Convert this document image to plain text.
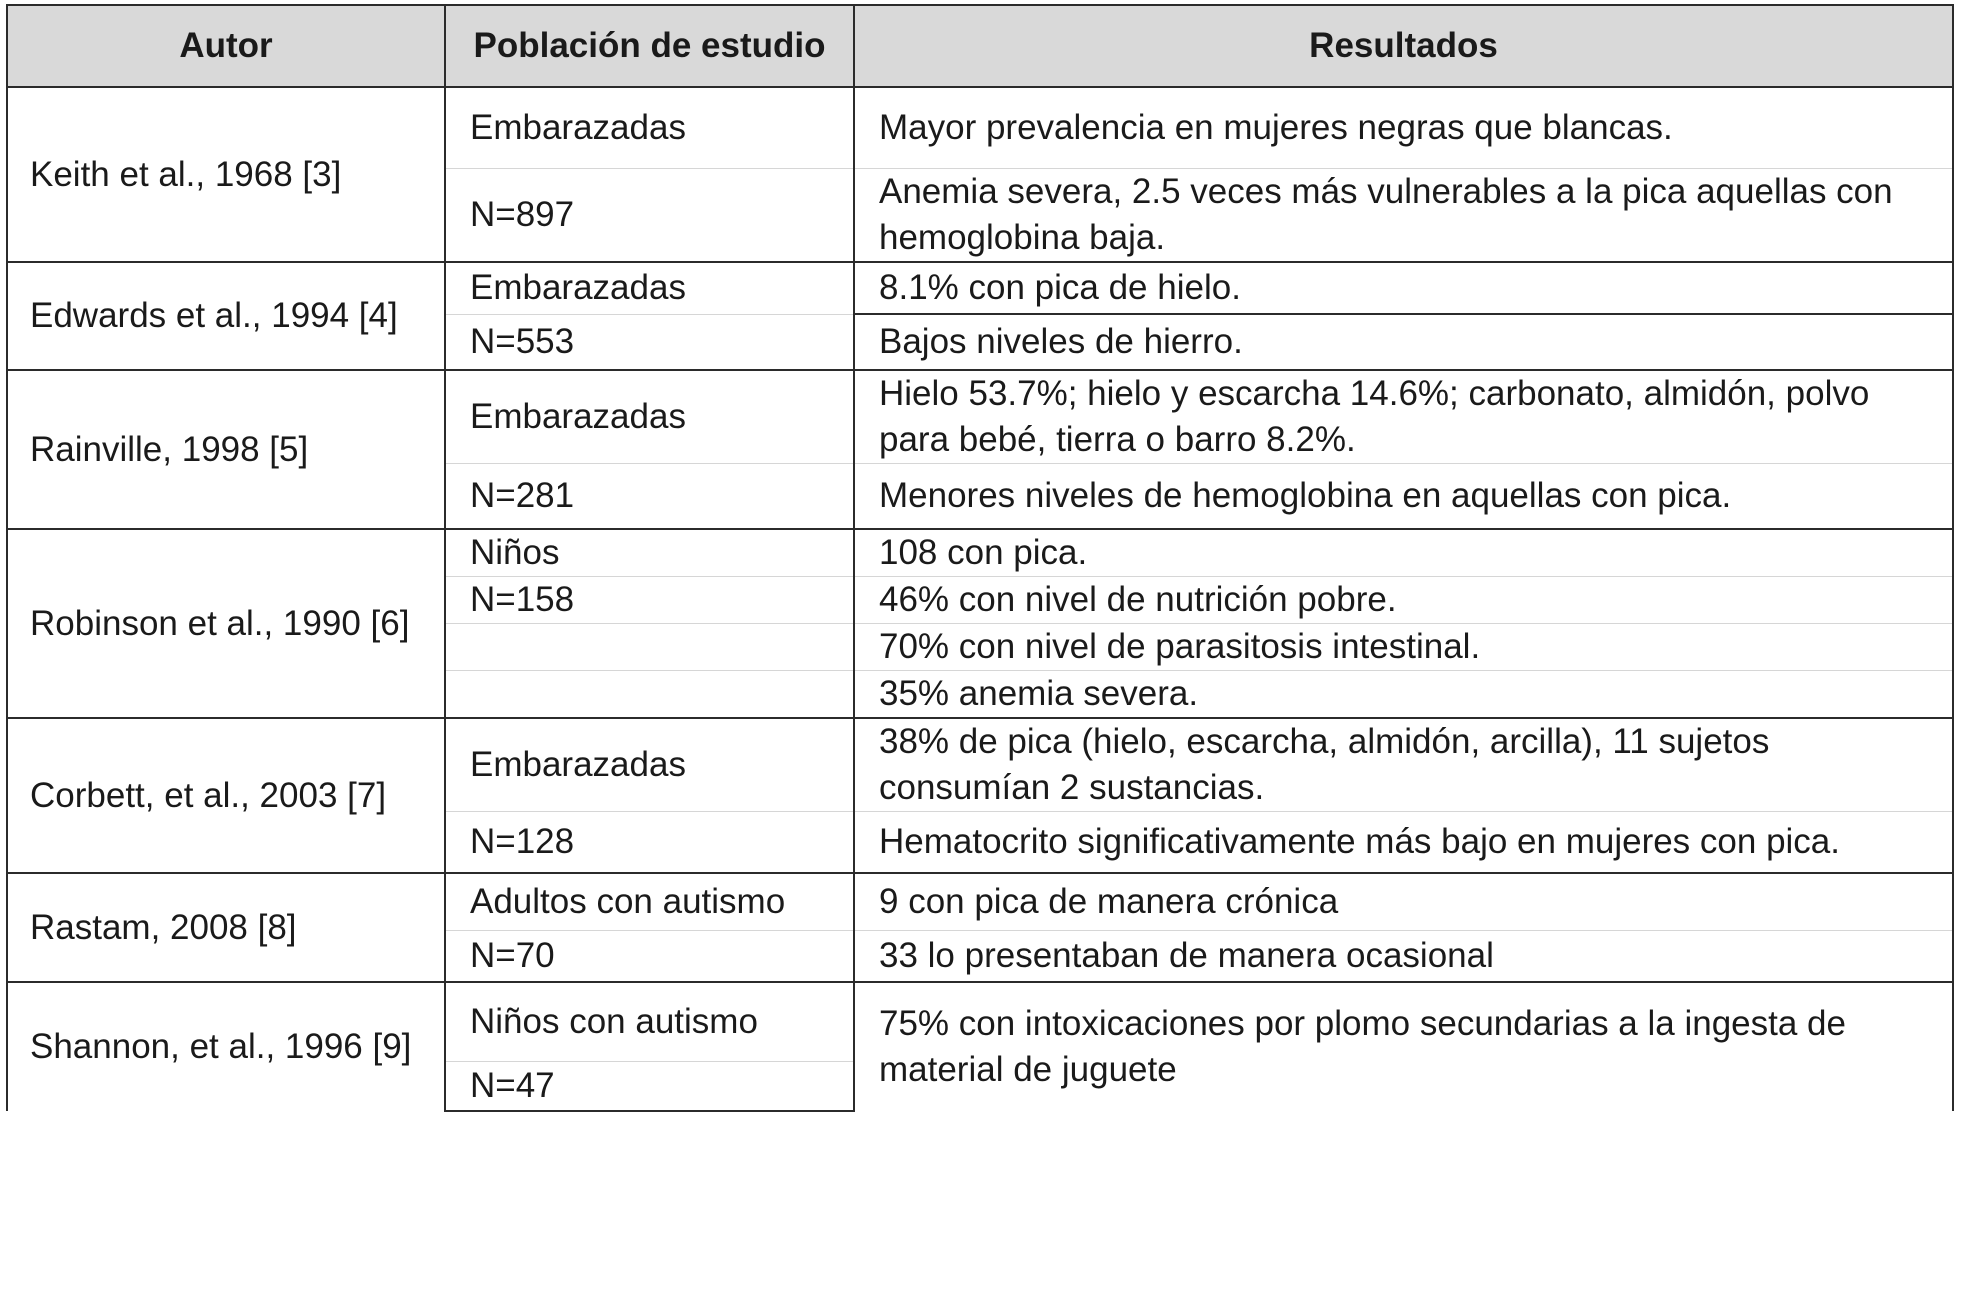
Autor	Población de estudio	Resultados
Keith et al., 1968 [3]	Embarazadas	Mayor prevalencia en mujeres negras que blancas.
	N=897	Anemia severa, 2.5 veces más vulnerables a la pica aquellas con hemoglobina baja.
Edwards et al., 1994 [4]	Embarazadas	8.1% con pica de hielo.
	N=553	Bajos niveles de hierro.
Rainville, 1998 [5]	Embarazadas	Hielo 53.7%; hielo y escarcha 14.6%; carbonato, almidón, polvo para bebé, tierra o barro 8.2%.
	N=281	Menores niveles de hemoglobina en aquellas con pica.
Robinson et al., 1990 [6]	Niños	108 con pica.
	N=158	46% con nivel de nutrición pobre.
		70% con nivel de parasitosis intestinal.
		35% anemia severa.
Corbett, et al., 2003 [7]	Embarazadas	38% de pica (hielo, escarcha, almidón, arcilla), 11 sujetos consumían 2 sustancias.
	N=128	Hematocrito significativamente más bajo en mujeres con pica.
Rastam, 2008 [8]	Adultos con autismo	9 con pica de manera crónica
	N=70	33 lo presentaban de manera ocasional
Shannon, et al., 1996 [9]	Niños con autismo	75% con intoxicaciones por plomo secundarias a la ingesta de material de juguete
	N=47	
